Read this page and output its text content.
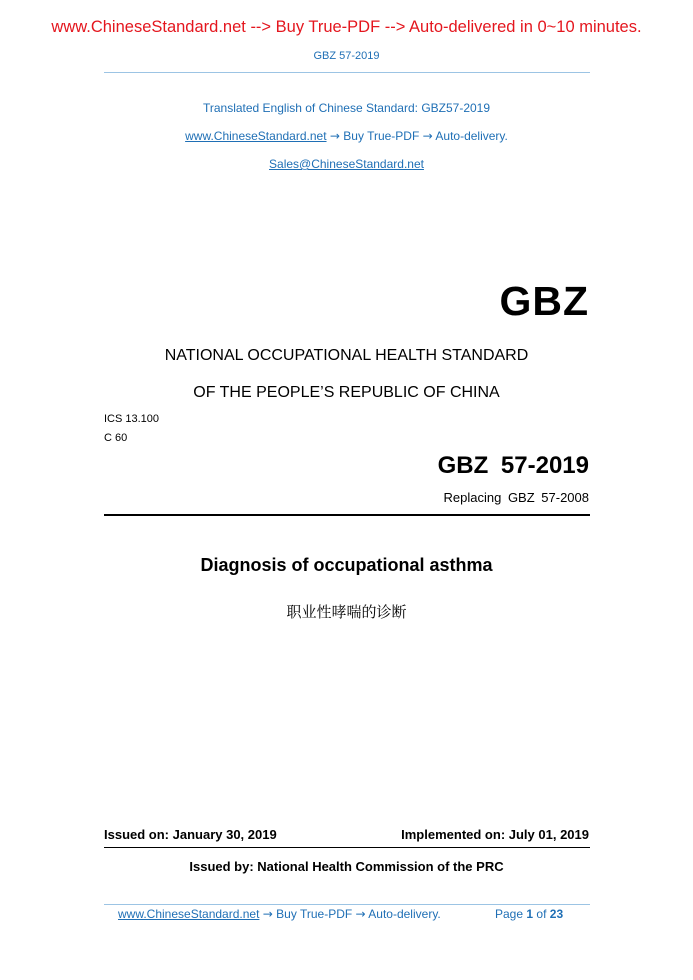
www.ChineseStandard.net --> Buy True-PDF --> Auto-delivered in 0~10 minutes.
GBZ 57-2019
Translated English of Chinese Standard: GBZ57-2019
www.ChineseStandard.net → Buy True-PDF → Auto-delivery.
Sales@ChineseStandard.net
GBZ
NATIONAL OCCUPATIONAL HEALTH STANDARD
OF THE PEOPLE’S REPUBLIC OF CHINA
ICS 13.100
C 60
GBZ 57-2019
Replacing GBZ 57-2008
Diagnosis of occupational asthma
职业性哮喘的诊断
Issued on: January 30, 2019	Implemented on: July 01, 2019
Issued by: National Health Commission of the PRC
www.ChineseStandard.net → Buy True-PDF → Auto-delivery.	Page 1 of 23
